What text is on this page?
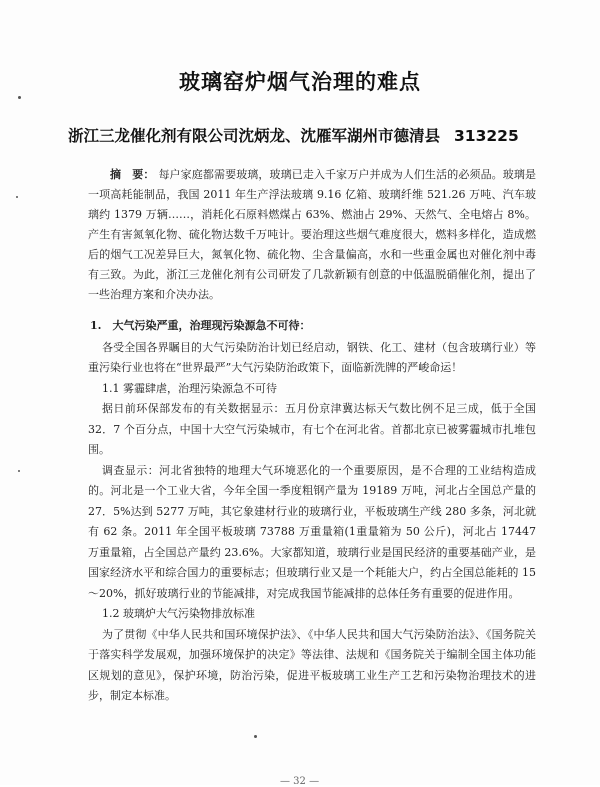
玻璃窑炉烟气治理的难点
浙江三龙催化剂有限公司沈炳龙、沈雁军湖州市德清县 313225
摘　要： 每户家庭都需要玻璃，玻璃已走入千家万户并成为人们生活的必须品。玻璃是一项高耗能制品，我国 2011 年生产浮法玻璃 9.16 亿箱、玻璃纤维 521.26 万吨、汽车玻璃约 1379 万辆……，消耗化石原料燃煤占 63%、燃油占 29%、天然气、全电熔占 8%。产生有害氮氧化物、硫化物达数千万吨计。要治理这些烟气难度很大，燃料多样化，造成燃后的烟气工况差异巨大，氮氧化物、硫化物、尘含量偏高，水和一些重金属也对催化剂中毒有三致。为此，浙江三龙催化剂有公司研发了几款新颖有创意的中低温脱硝催化剂，提出了一些治理方案和介决办法。

1.　大气污染严重，治理现污染源急不可待：

各受全国各界瞩目的大气污染防治计划已经启动，钢铁、化工、建材（包含玻璃行业）等重污染行业也将在“世界最严”大气污染防治政策下，面临新洗牌的严峻命运！

1.1 雾霾肆虐，治理污染源急不可待

据日前环保部发布的有关数据显示：五月份京津冀达标天气数比例不足三成，低于全国 32．7 个百分点，中国十大空气污染城市，有七个在河北省。首都北京已被雾霾城市扎堆包围。

调查显示：河北省独特的地理大气环境恶化的一个重要原因，是不合理的工业结构造成的。河北是一个工业大省，今年全国一季度粗钢产量为 19189 万吨，河北占全国总产量的 27．5%达到 5277 万吨，其它象建材行业的玻璃行业，平板玻璃生产线 280 多条，河北就有 62 条。2011 年全国平板玻璃 73788 万重量箱(1重量箱为 50 公斤)，河北占 17447 万重量箱，占全国总产量约 23.6%。大家都知道，玻璃行业是国民经济的重要基础产业，是国家经济水平和综合国力的重要标志；但玻璃行业又是一个耗能大户，约占全国总能耗的 15～20%，抓好玻璃行业的节能减排，对完成我国节能减排的总体任务有重要的促进作用。

1.2 玻璃炉大气污染物排放标准

为了贯彻《中华人民共和国环境保护法》、《中华人民共和国大气污染防治法》、《国务院关于落实科学发展观，加强环境保护的决定》等法律、法规和《国务院关于编制全国主体功能区规划的意见》，保护环境，防治污染，促进平板玻璃工业生产工艺和污染物治理技术的进步，制定本标准。

— 32 —
